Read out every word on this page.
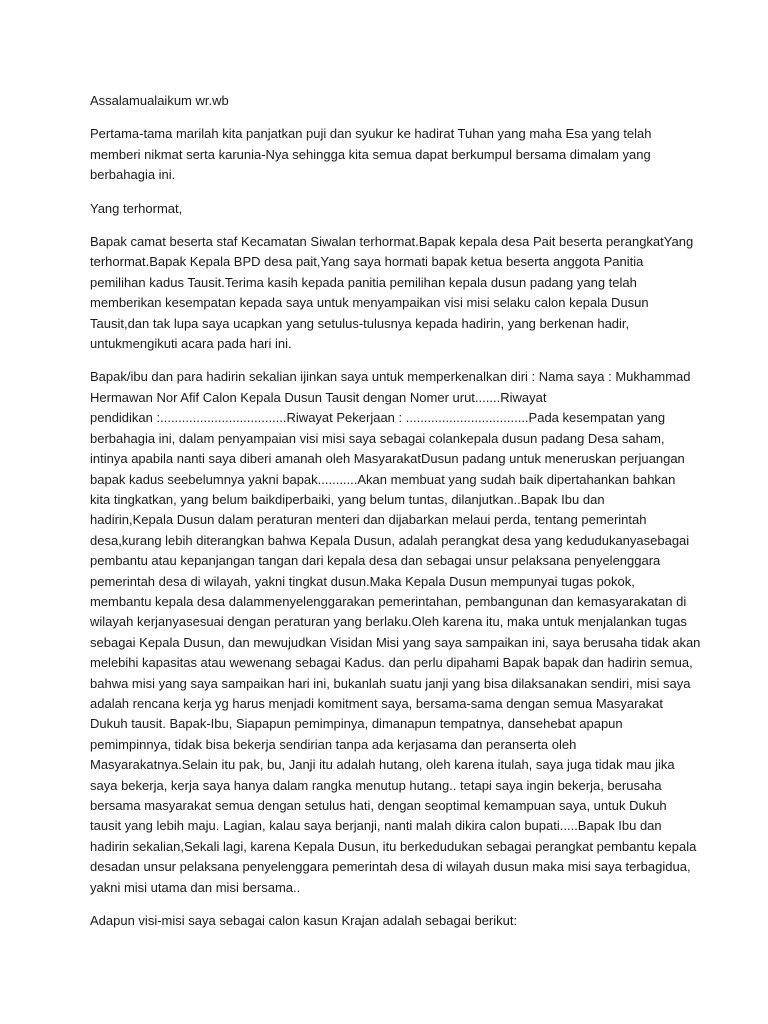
Assalamualaikum wr.wb

Pertama-tama marilah kita panjatkan puji dan syukur ke hadirat Tuhan yang maha Esa yang telah
memberi nikmat serta karunia-Nya sehingga kita semua dapat berkumpul bersama dimalam yang
berbahagia ini.

Yang terhormat,

Bapak camat beserta staf Kecamatan Siwalan terhormat.Bapak kepala desa Pait beserta perangkatYang
terhormat.Bapak Kepala BPD desa pait,Yang saya hormati bapak ketua beserta anggota Panitia
pemilihan kadus Tausit.Terima kasih kepada panitia pemilihan kepala dusun padang yang telah
memberikan kesempatan kepada saya untuk menyampaikan visi misi selaku calon kepala Dusun
Tausit,dan tak lupa saya ucapkan yang setulus-tulusnya kepada hadirin, yang berkenan hadir,
untukmengikuti acara pada hari ini.

Bapak/ibu dan para hadirin sekalian ijinkan saya untuk memperkenalkan diri : Nama saya : Mukhammad
Hermawan Nor Afif Calon Kepala Dusun Tausit dengan Nomer urut.......Riwayat
pendidikan :...................................Riwayat Pekerjaan : ..................................Pada kesempatan yang
berbahagia ini, dalam penyampaian visi misi saya sebagai colankepala dusun padang Desa saham,
intinya apabila nanti saya diberi amanah oleh MasyarakatDusun padang untuk meneruskan perjuangan
bapak kadus seebelumnya yakni bapak...........Akan membuat yang sudah baik dipertahankan bahkan
kita tingkatkan, yang belum baikdiperbaiki, yang belum tuntas, dilanjutkan..Bapak Ibu dan
hadirin,Kepala Dusun dalam peraturan menteri dan dijabarkan melaui perda, tentang pemerintah
desa,kurang lebih diterangkan bahwa Kepala Dusun, adalah perangkat desa yang kedudukanyasebagai
pembantu atau kepanjangan tangan dari kepala desa dan sebagai unsur pelaksana penyelenggara
pemerintah desa di wilayah, yakni tingkat dusun.Maka Kepala Dusun mempunyai tugas pokok,
membantu kepala desa dalammenyelenggarakan pemerintahan, pembangunan dan kemasyarakatan di
wilayah kerjanyasesuai dengan peraturan yang berlaku.Oleh karena itu, maka untuk menjalankan tugas
sebagai Kepala Dusun, dan mewujudkan Visidan Misi yang saya sampaikan ini, saya berusaha tidak akan
melebihi kapasitas atau wewenang sebagai Kadus. dan perlu dipahami Bapak bapak dan hadirin semua,
bahwa misi yang saya sampaikan hari ini, bukanlah suatu janji yang bisa dilaksanakan sendiri, misi saya
adalah rencana kerja yg harus menjadi komitment saya, bersama-sama dengan semua Masyarakat
Dukuh tausit. Bapak-Ibu, Siapapun pemimpinya, dimanapun tempatnya, dansehebat apapun
pemimpinnya, tidak bisa bekerja sendirian tanpa ada kerjasama dan peranserta oleh
Masyarakatnya.Selain itu pak, bu, Janji itu adalah hutang, oleh karena itulah, saya juga tidak mau jika
saya bekerja, kerja saya hanya dalam rangka menutup hutang.. tetapi saya ingin bekerja, berusaha
bersama masyarakat semua dengan setulus hati, dengan seoptimal kemampuan saya, untuk Dukuh
tausit yang lebih maju. Lagian, kalau saya berjanji, nanti malah dikira calon bupati.....Bapak Ibu dan
hadirin sekalian,Sekali lagi, karena Kepala Dusun, itu berkedudukan sebagai perangkat pembantu kepala
desadan unsur pelaksana penyelenggara pemerintah desa di wilayah dusun maka misi saya terbagidua,
yakni misi utama dan misi bersama..

Adapun visi-misi saya sebagai calon kasun Krajan adalah sebagai berikut:
